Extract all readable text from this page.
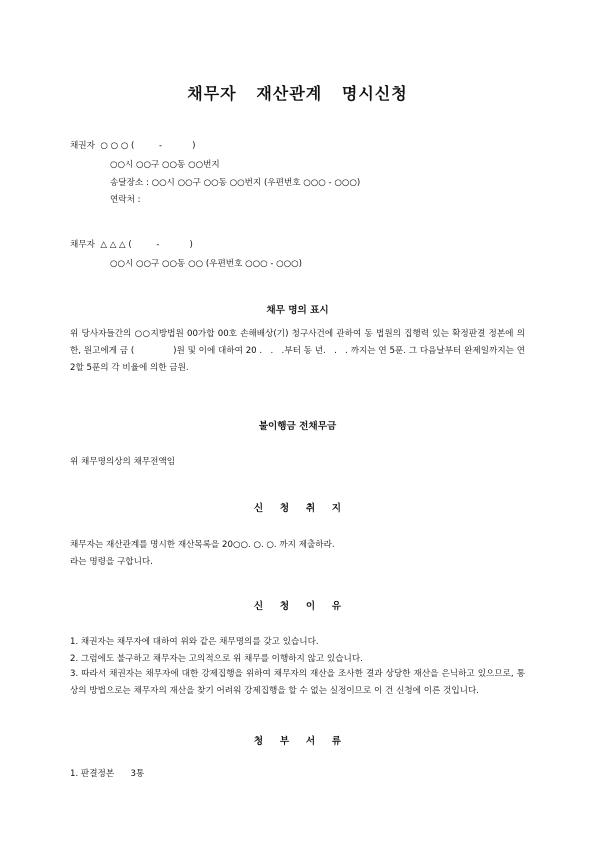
채무자   재산관계   명시신청
채권자  ○ ○ ○ (         -           )
○○시 ○○구 ○○동 ○○번지
송달장소 : ○○시 ○○구 ○○동 ○○번지 (우편번호 ○○○ - ○○○)
연락처 :
채무자  △ △ △ (         -           )
○○시 ○○구 ○○동 ○○ (우편번호 ○○○ - ○○○)
채무 명의 표시
위 당사자들간의 ○○지방법원 00가합 00호 손해배상(기) 청구사건에 관하여 동 법원의 집행력 있는 확정판결 정본에 의한, 원고에게 금 (              )원 및 이에 대하여 20 .   .   .부터 동 년.   .   . 까지는 연 5푼. 그 다음날부터 완제일까지는 연 2할 5푼의 각 비율에 의한 금원.
불이행금 전채무금
위 채무명의상의 채무전액임
신     청     취     지
채무자는 재산관계를 명시한 재산목록을 20○○. ○. ○. 까지 제출하라.
라는 명령을 구합니다.
신     청     이     유
1. 채권자는 채무자에 대하여 위와 같은 채무명의를 갖고 있습니다.
2. 그럼에도 불구하고 채무자는 고의적으로 위 채무를 이행하지 않고 있습니다.
3. 따라서 채권자는 채무자에 대한 강제집행을 위하여 채무자의 재산을 조사한 결과 상당한 재산을 은닉하고 있으므로, 통상의 방법으로는 채무자의 재산을 찾기 어려워 강제집행을 할 수 없는 실정이므로 이 건 신청에 이른 것입니다.
청     부     서     류
1. 판결정본      3통
